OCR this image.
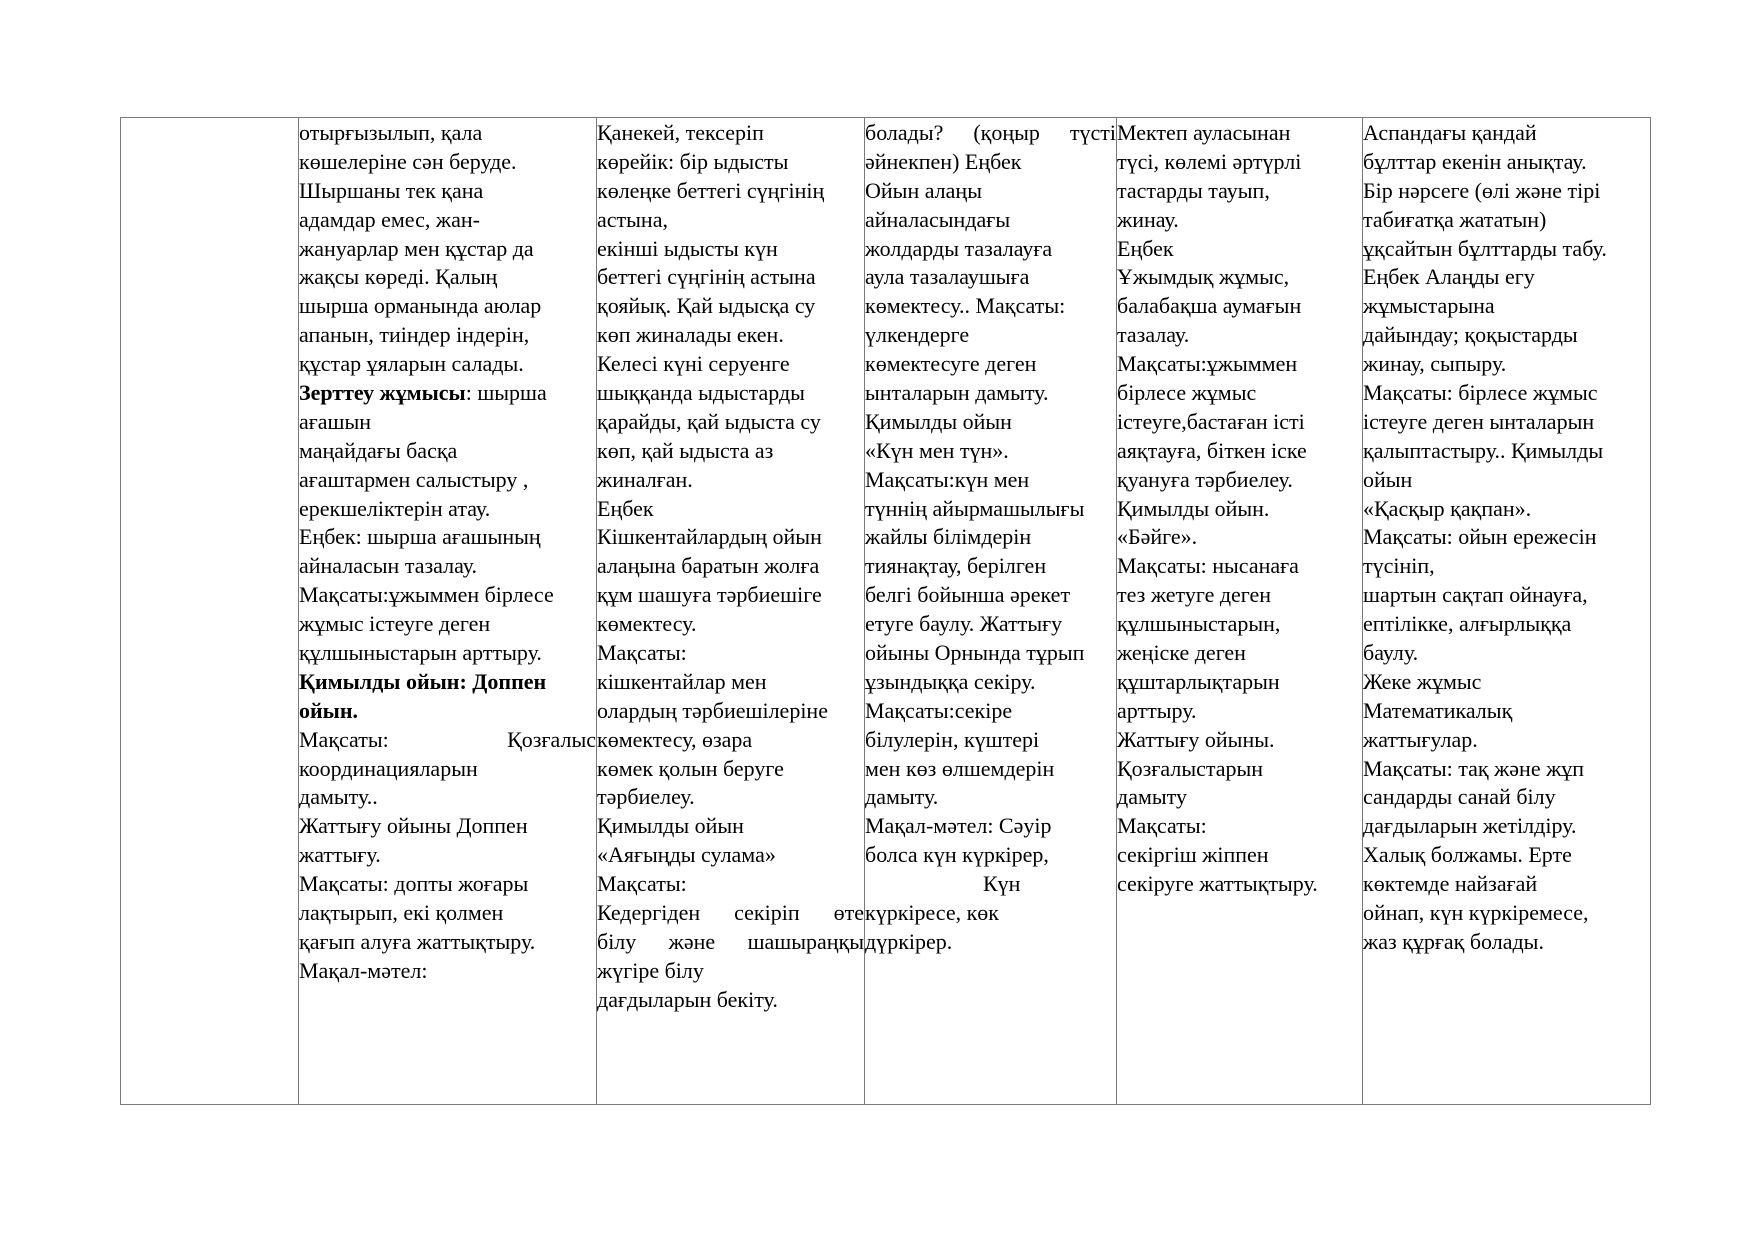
отырғызылып, қала
көшелеріне сән беруде.
Шыршаны тек қана
адамдар емес, жан-
жануарлар мен құстар да
жақсы көреді. Қалың
шырша орманында аюлар
апанын, тиіндер індерін,
құстар ұяларын салады.
Зерттеу жұмысы: шырша
ағашын
маңайдағы басқа
ағаштармен салыстыру ,
ерекшеліктерін атау.
Еңбек: шырша ағашының
айналасын тазалау.
Мақсаты:ұжыммен бірлесе
жұмыс істеуге деген
құлшыныстарын арттыру.
Қимылды ойын: Доппен
ойын.
Мақсаты:	Қозғалыс
координацияларын
дамыту..
Жаттығу ойыны Доппен
жаттығу.
Мақсаты: допты жоғары
лақтырып, екі қолмен
қағып алуға жаттықтыру.
Мақал-мәтел:

Қанекей, тексеріп
көрейік: бір ыдысты
көлеңке беттегі сүңгінің
астына,
екінші ыдысты күн
беттегі сүңгінің астына
қояйық. Қай ыдысқа су
көп жиналады екен.
Келесі күні серуенге
шыққанда ыдыстарды
қарайды, қай ыдыста су
көп, қай ыдыста аз
жиналған.
Еңбек
Кішкентайлардың ойын
алаңына баратын жолға
құм шашуға тәрбиешіге
көмектесу.
Мақсаты:
кішкентайлар мен
олардың тәрбиешілеріне
көмектесу, өзара
көмек қолын беруге
тәрбиелеу.
Қимылды ойын
«Аяғыңды сулама»
Мақсаты:
Кедергіден секіріп өте
білу және шашыраңқы
жүгіре білу
дағдыларын бекіту.

болады? (қоңыр түсті
әйнекпен) Еңбек
Ойын алаңы
айналасындағы
жолдарды тазалауға
аула тазалаушыға
көмектесу.. Мақсаты:
үлкендерге
көмектесуге деген
ынталарын дамыту.
Қимылды ойын
«Күн мен түн».
Мақсаты:күн мен
түннің айырмашылығы
жайлы білімдерін
тиянақтау, берілген
белгі бойынша әрекет
етуге баулу. Жаттығу
ойыны Орнында тұрып
ұзындыққа секіру.
Мақсаты:секіре
білулерін, күштері
мен көз өлшемдерін
дамыту.
Мақал-мәтел: Сәуір
болса күн күркірер,
Күн
күркіресе, көк
дүркірер.

Мектеп ауласынан
түсі, көлемі әртүрлі
тастарды тауып,
жинау.
Еңбек
Ұжымдық жұмыс,
балабақша аумағын
тазалау.
Мақсаты:ұжыммен
бірлесе жұмыс
істеуге,бастаған істі
аяқтауға, біткен іске
қуануға тәрбиелеу.
Қимылды ойын.
«Бәйге».
Мақсаты: нысанаға
тез жетуге деген
құлшыныстарын,
жеңіске деген
құштарлықтарын
арттыру.
Жаттығу ойыны.
Қозғалыстарын
дамыту
Мақсаты:
секіргіш жіппен
секіруге жаттықтыру.

Аспандағы қандай
бұлттар екенін анықтау.
Бір нәрсеге (өлі және тірі
табиғатқа жататын)
ұқсайтын бұлттарды табу.
Еңбек Алаңды егу
жұмыстарына
дайындау; қоқыстарды
жинау, сыпыру.
Мақсаты: бірлесе жұмыс
істеуге деген ынталарын
қалыптастыру.. Қимылды
ойын
«Қасқыр қақпан».
Мақсаты: ойын ережесін
түсініп,
шартын сақтап ойнауға,
ептілікке, алғырлыққа
баулу.
Жеке жұмыс
Математикалық
жаттығулар.
Мақсаты: тақ және жұп
сандарды санай білу
дағдыларын жетілдіру.
Халық болжамы. Ерте
көктемде найзағай
ойнап, күн күркіремесе,
жаз құрғақ болады.
